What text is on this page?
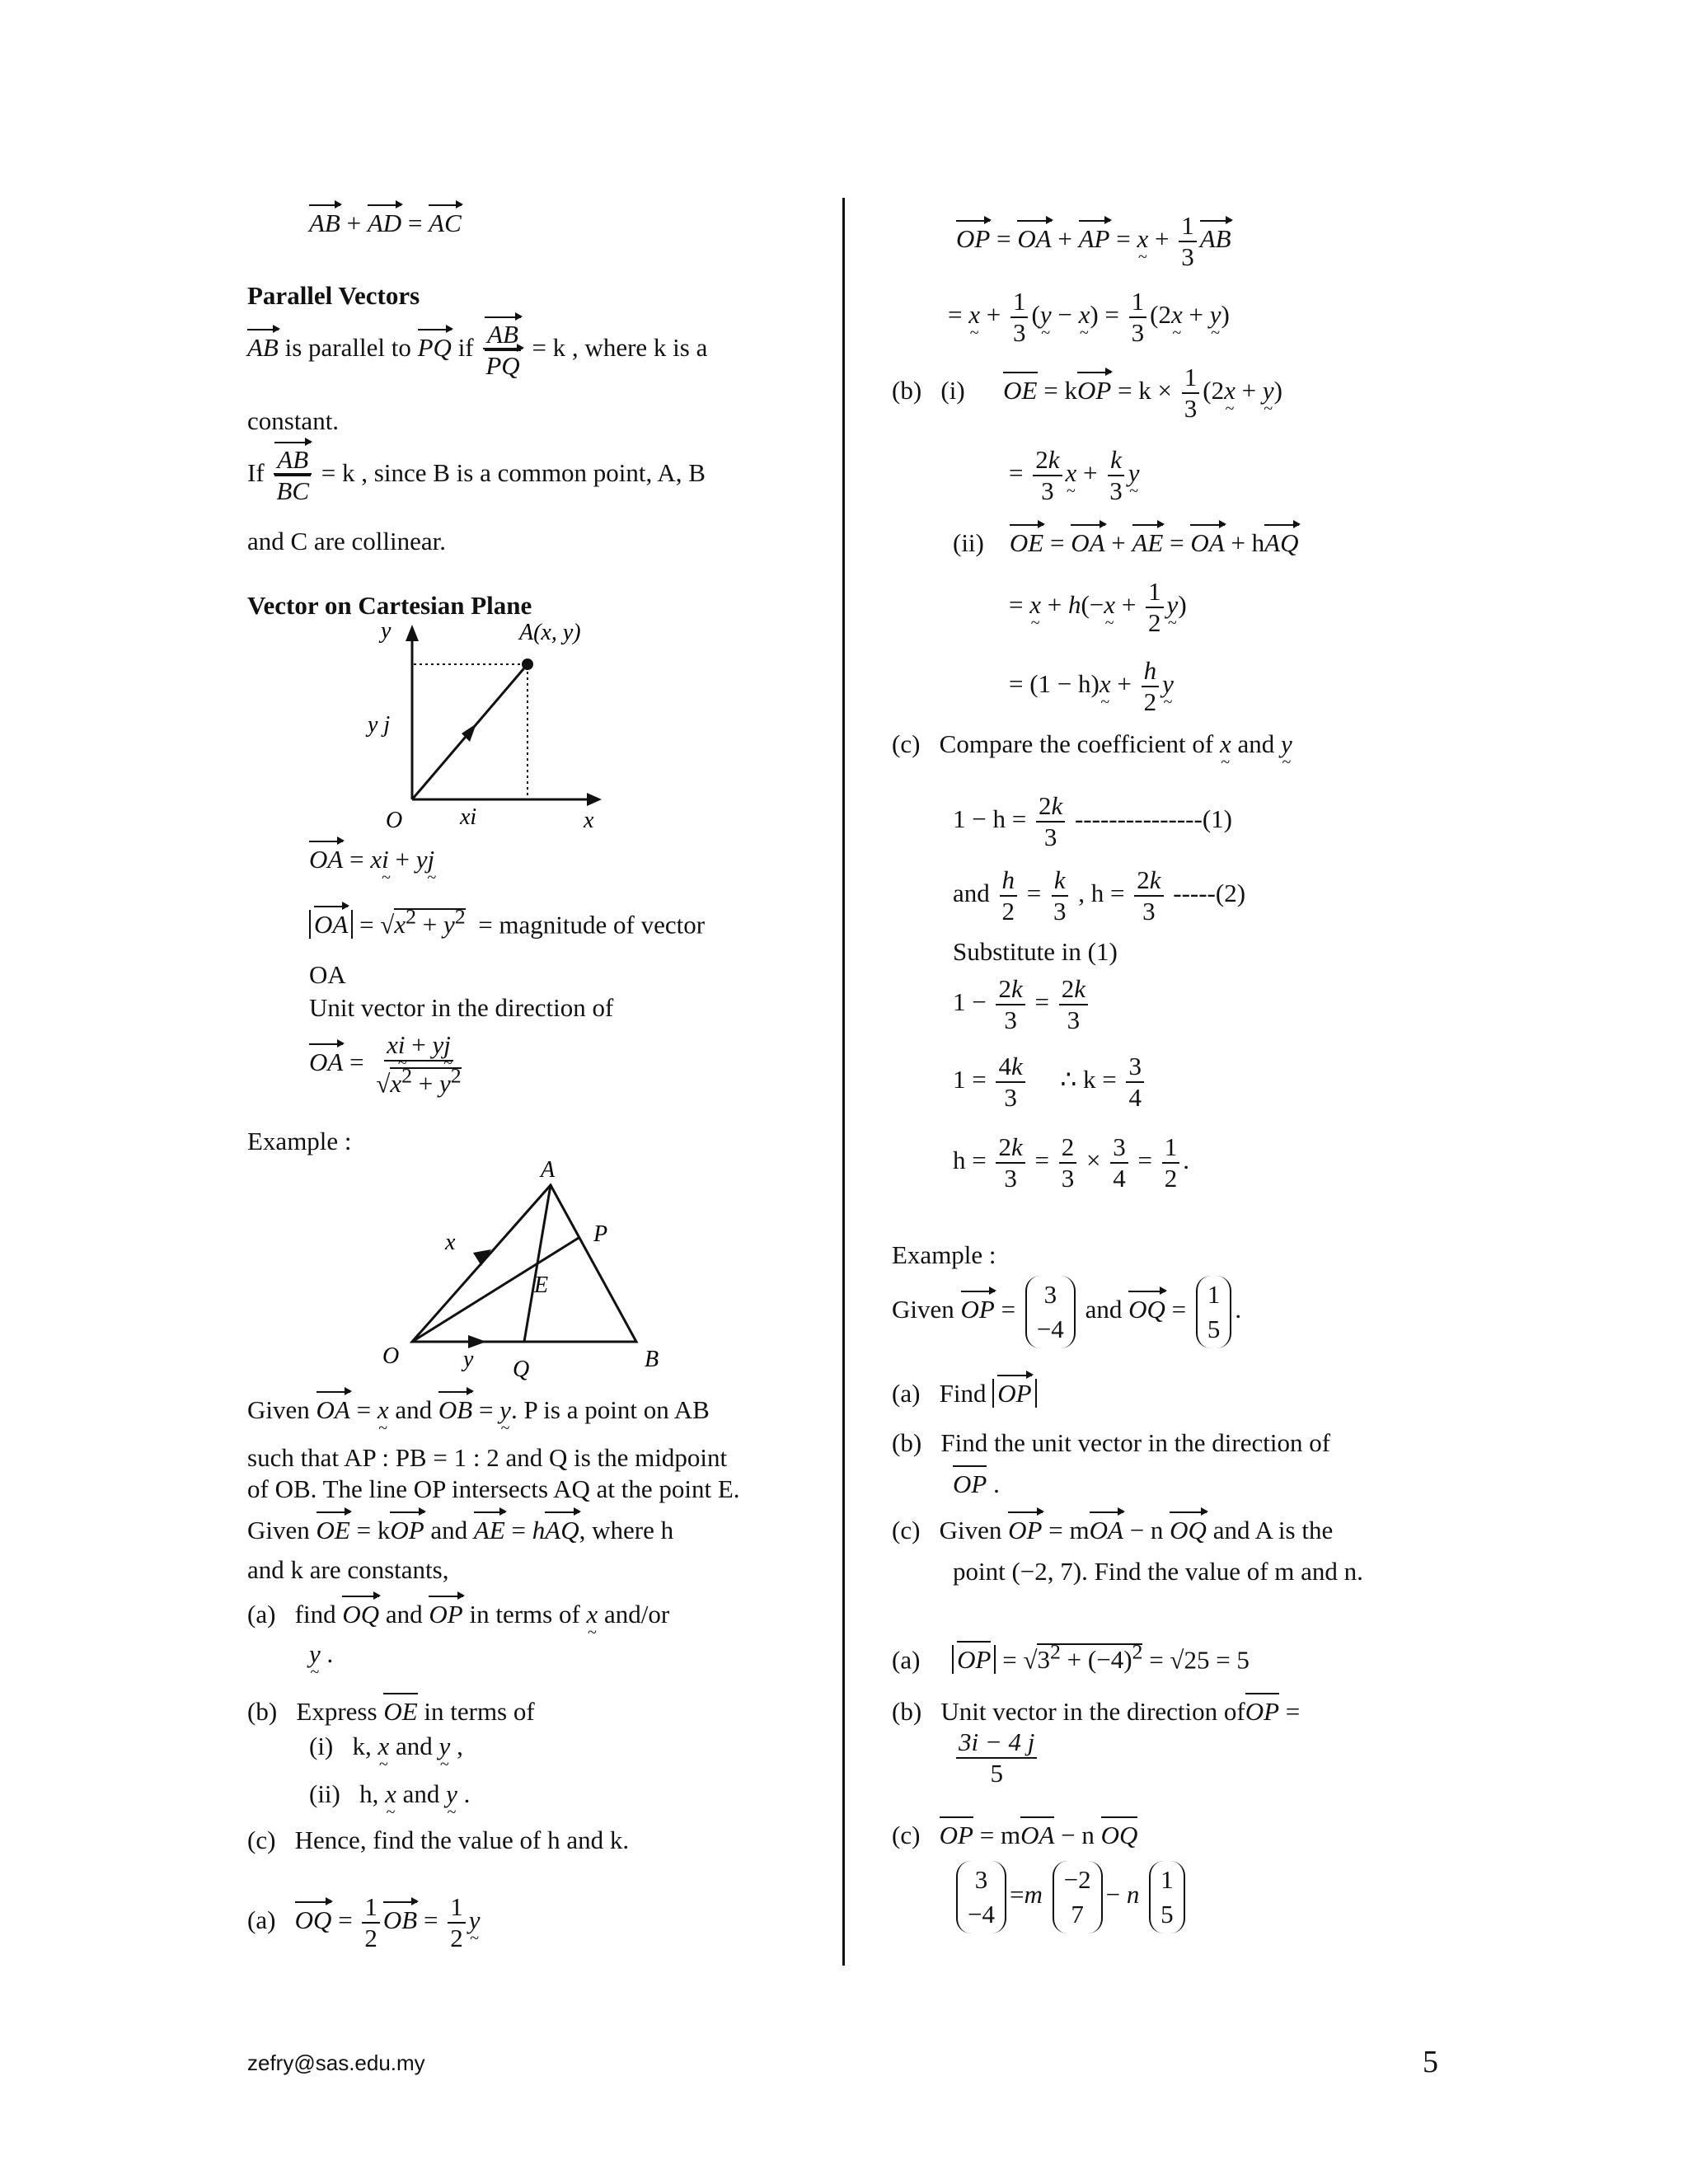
AB + AD = AC
Parallel Vectors
AB is parallel to PQ if $\frac{AB}{PQ} = k$ , where k is a
constant.
If $\frac{AB}{BC} = k$ , since B is a common point, A, B
and C are collinear.
Vector on Cartesian Plane
y	A(x, y)
y j
O xi	x
OA = xi ~ + yj ~
OA = $√x^2 + y^2$ = magnitude of vector
OA
Unit vector in the direction of
OA = $\frac{xi \sim + yj \sim}{√x^2 + y^2}$
Example :
A
P
x
E
O	y Q	B
Given OA = x ~ and OB = y ~. P is a point on AB
such that AP : PB = 1 : 2 and Q is the midpoint
of OB. The line OP intersects AQ at the point E.
Given OE = kOP and AE = hAQ, where h
and k are constants,
(a) find OQ and OP in terms of x ~ and/or
y ~ .
(b) Express OE in terms of
(i) k, x ~ and y ~ ,
(ii) h, x ~ and y ~ .
(c) Hence, find the value of h and k.
(a) OQ = $\frac{1}{2}$ OB = $\frac{1}{2}$ y ~
OP = OA + AP = x ~ + $\frac{1}{3}$ AB
= x ~ + $\frac{1}{3} (y$ ~ − x ~) = $\frac{1}{3} (2x$ ~ + y ~)
(b) (i) OE = kOP = $k \times \frac{1}{3} (2x$ ~ + y ~)
= $\frac{2k}{3}$ x ~ + $\frac{k}{3}$ y ~
(ii) OE = OA + AE = OA + hAQ
= x ~ + h(−x ~ + $\frac{1}{2}$ y ~)
= (1 − h)x ~ + $\frac{h}{2}$ y ~
(c) Compare the coefficient of x ~ and y ~
$1 - h = \frac{2k}{3} ---------------(1)$
and $\frac{h}{2} = \frac{k}{3}$ , $h = \frac{2k}{3} -----(2)$
Substitute in (1)
$1 - \frac{2k}{3} = \frac{2k}{3}$
$1 = \frac{4k}{3}$ ∴ $k = \frac{3}{4}$
$h = \frac{2k}{3} = \frac{2}{3} \times \frac{3}{4} = \frac{1}{2}$ .
Example :
Given OP =
3
−4
and OQ =
1
5
.
(a) Find OP
(b) Find the unit vector in the direction of
OP .
(c) Given OP = mOA − n OQ and A is the
point (−2, 7). Find the value of m and n.
(a)     OP = $√3^2 + (-4)^2 = √25 = 5$
(b)   Unit vector in the direction ofOP =
$\frac{3i - 4 j}{5}$
(c)   OP = mOA − n OQ
3
−4
=m
−2
7
− n
1
5
zefry@sas.edu.my	5
